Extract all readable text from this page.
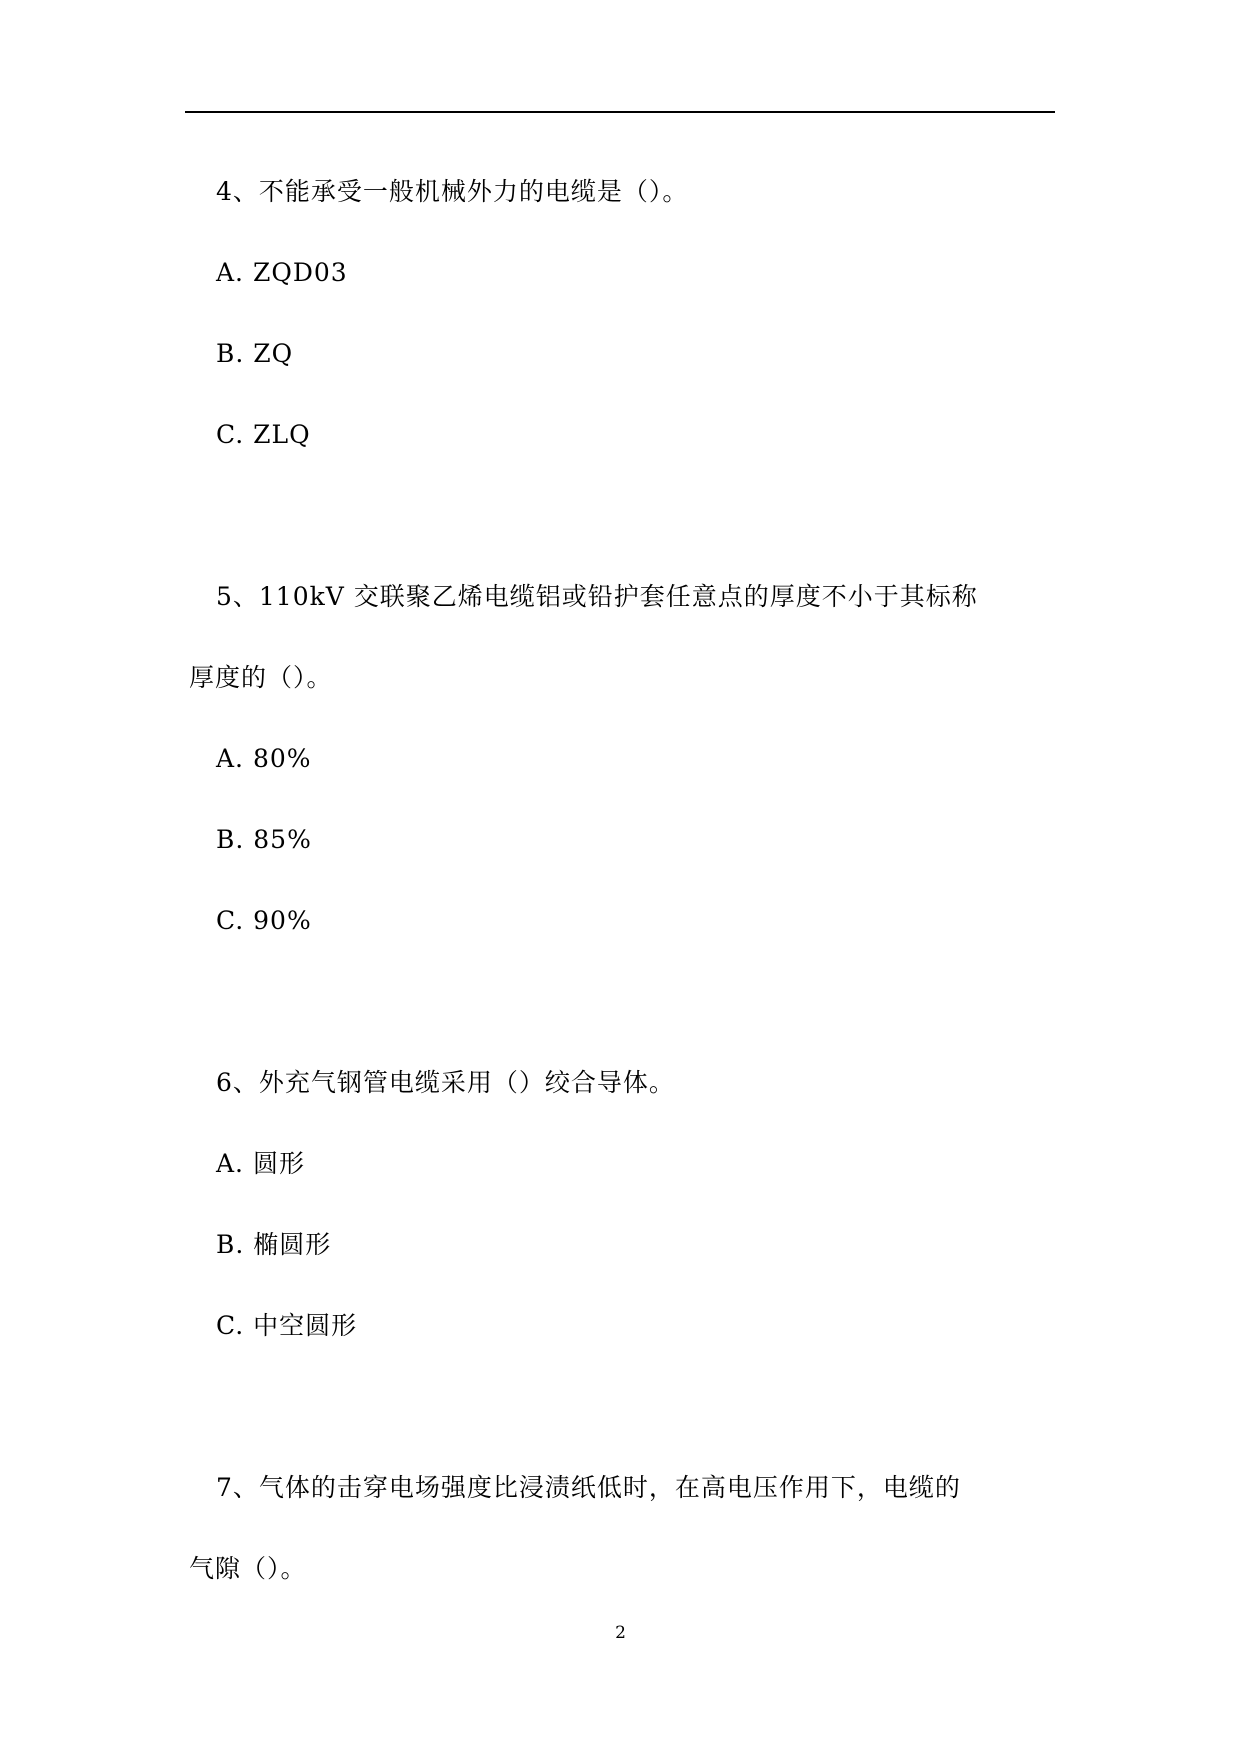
4、不能承受一般机械外力的电缆是（）。
A. ZQD03
B. ZQ
C. ZLQ
5、110kV 交联聚乙烯电缆铝或铅护套任意点的厚度不小于其标称
厚度的（）。
A. 80%
B. 85%
C. 90%
6、外充气钢管电缆采用（）绞合导体。
A. 圆形
B. 椭圆形
C. 中空圆形
7、气体的击穿电场强度比浸渍纸低时，在高电压作用下，电缆的
气隙（）。
2
